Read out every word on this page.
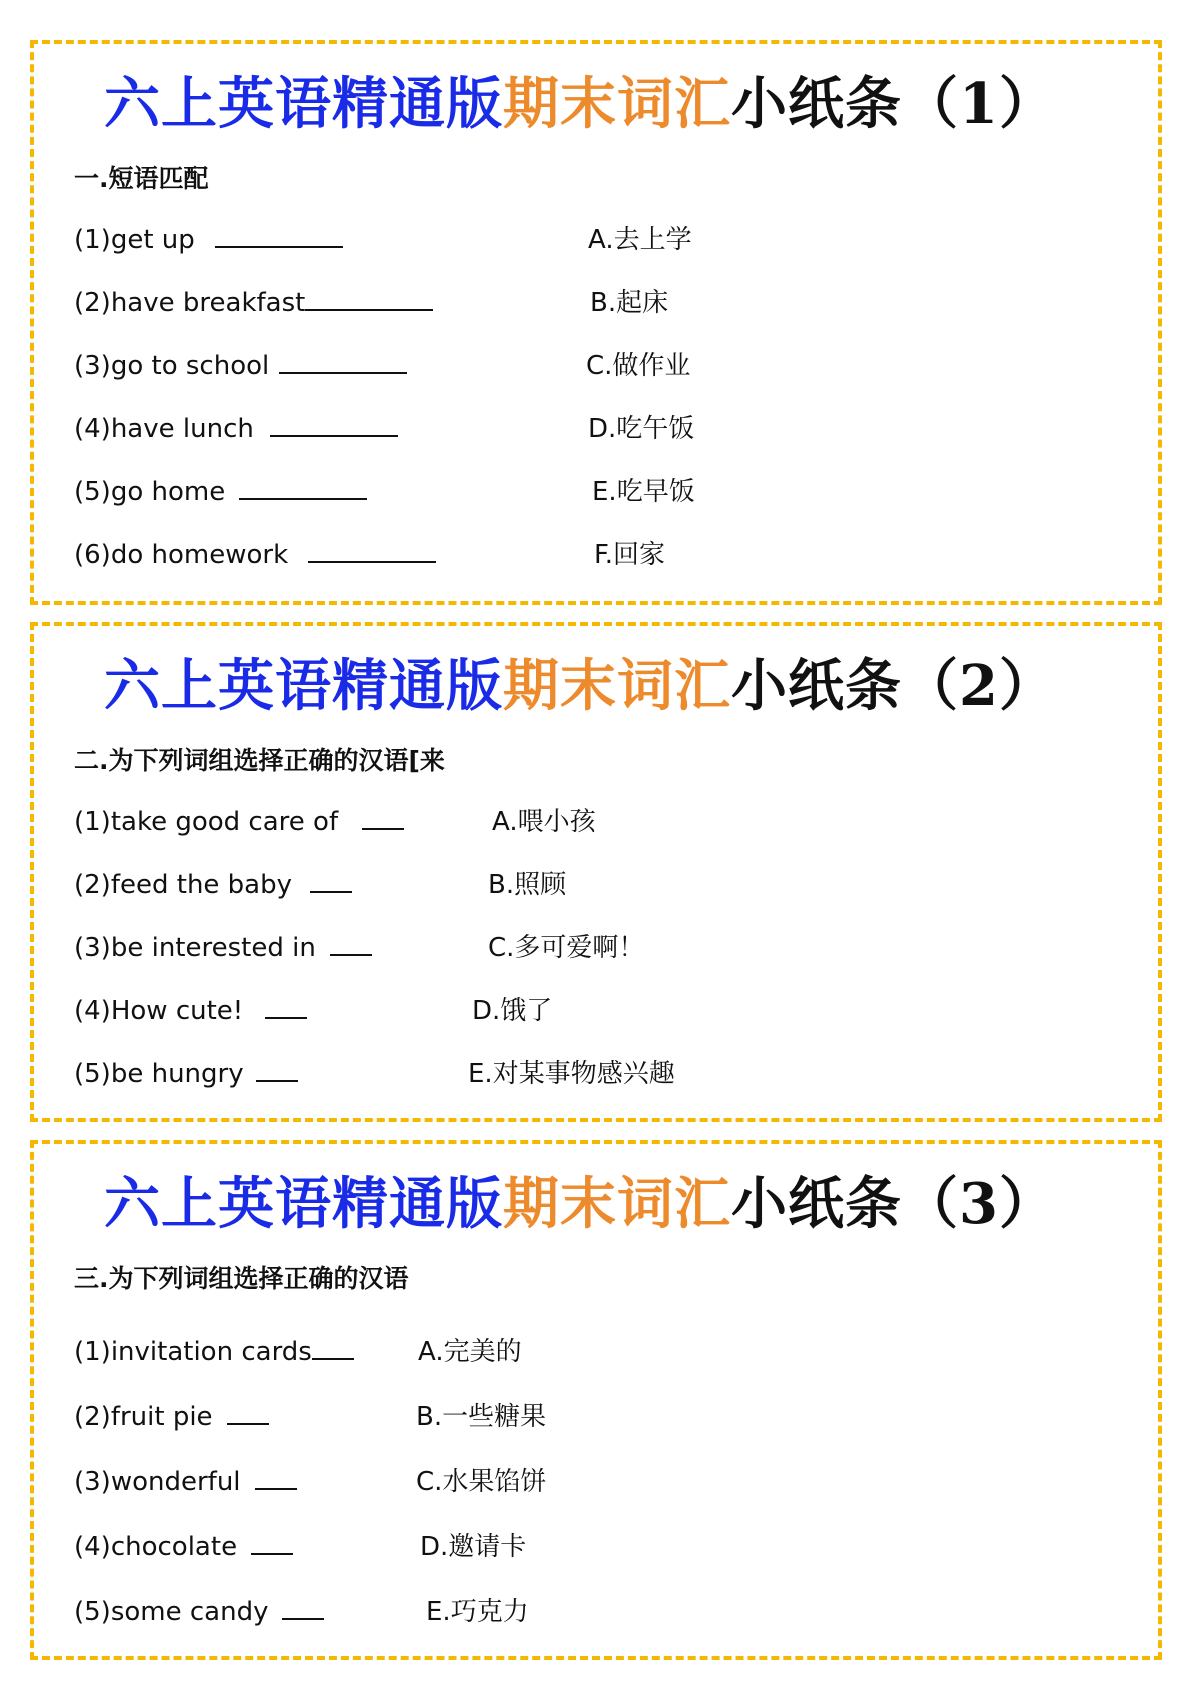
六上英语精通版期末词汇小纸条（1）
一.短语匹配
(1)get up	A.去上学
(2)have breakfast	B.起床
(3)go to school	C.做作业
(4)have lunch	D.吃午饭
(5)go home	E.吃早饭
(6)do homework	F.回家
六上英语精通版期末词汇小纸条（2）
二.为下列词组选择正确的汉语[来
(1)take good care of	A.喂小孩
(2)feed the baby	B.照顾
(3)be interested in	C.多可爱啊！
(4)How cute!	D.饿了
(5)be hungry	E.对某事物感兴趣
六上英语精通版期末词汇小纸条（3）
三.为下列词组选择正确的汉语
(1)invitation cards	A.完美的
(2)fruit pie	B.一些糖果
(3)wonderful	C.水果馅饼
(4)chocolate	D.邀请卡
(5)some candy	E.巧克力
